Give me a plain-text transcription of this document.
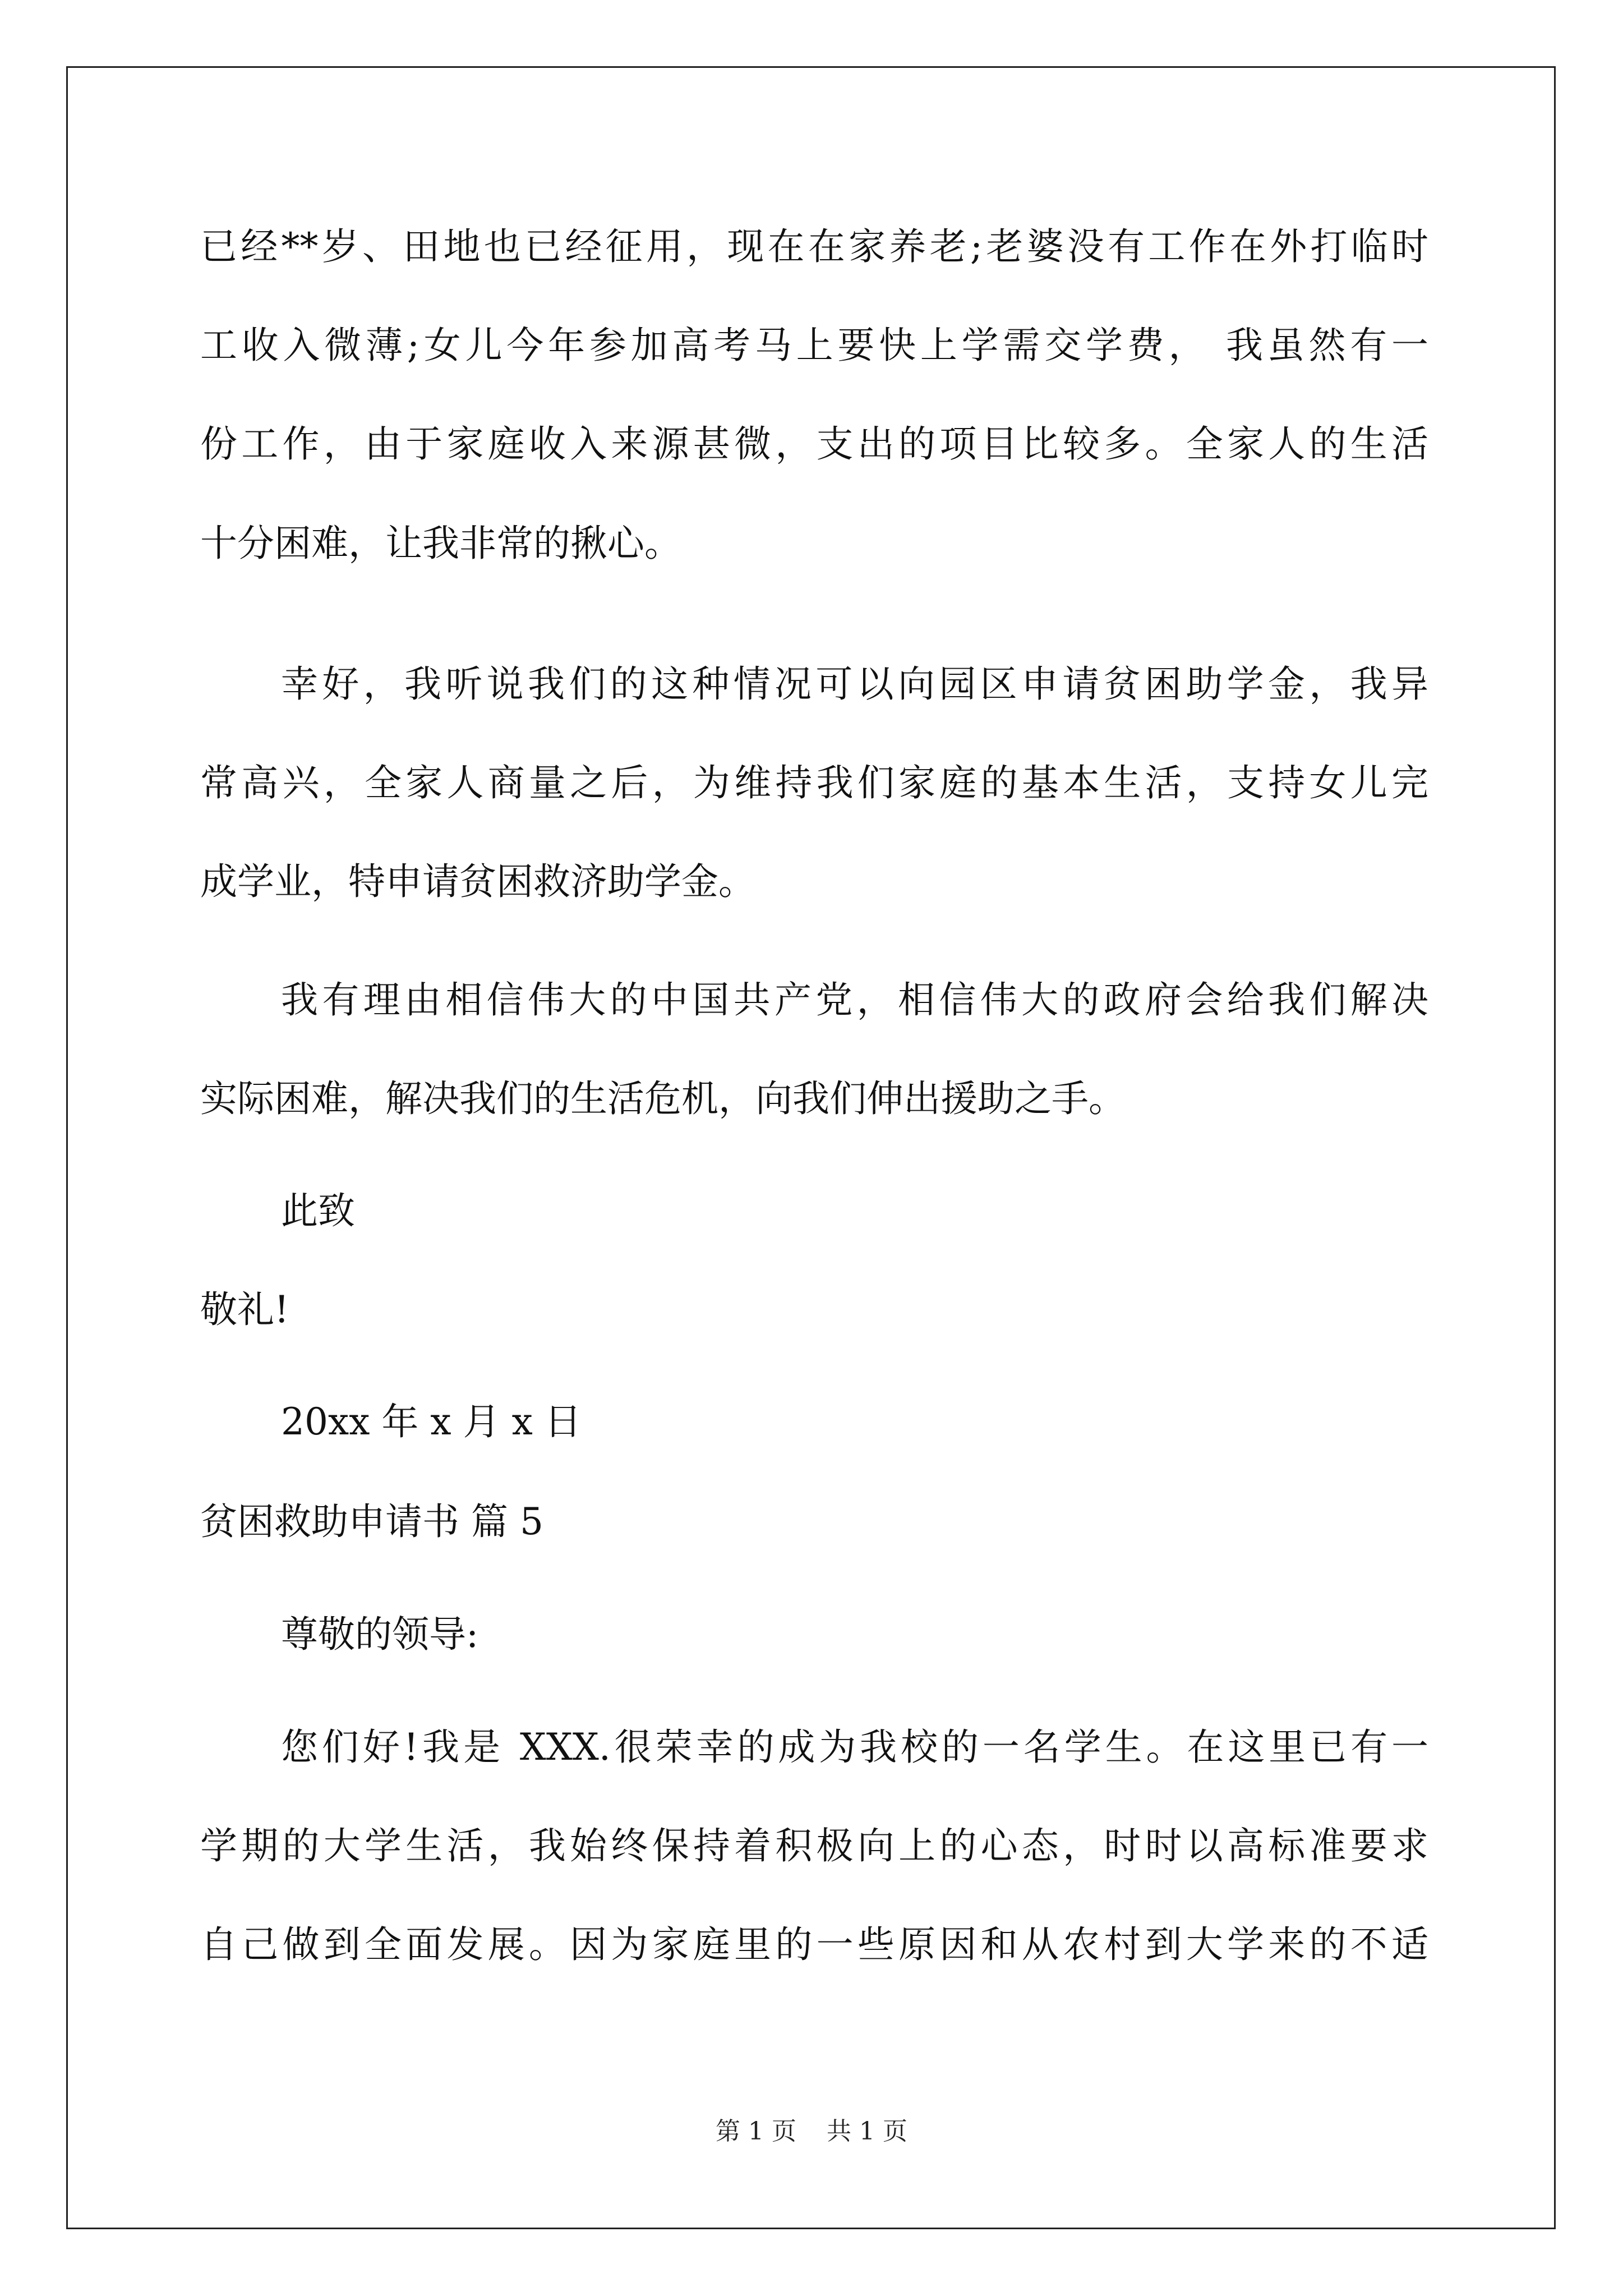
已经**岁、田地也已经征用，现在在家养老;老婆没有工作在外打临时
工收入微薄;女儿今年参加高考马上要快上学需交学费， 我虽然有一
份工作，由于家庭收入来源甚微，支出的项目比较多。全家人的生活
十分困难，让我非常的揪心。
幸好，我听说我们的这种情况可以向园区申请贫困助学金，我异
常高兴，全家人商量之后，为维持我们家庭的基本生活，支持女儿完
成学业，特申请贫困救济助学金。
我有理由相信伟大的中国共产党，相信伟大的政府会给我们解决
实际困难，解决我们的生活危机，向我们伸出援助之手。
此致
敬礼!
20xx 年 x 月 x 日
贫困救助申请书 篇 5
尊敬的领导:
您们好!我是 XXX.很荣幸的成为我校的一名学生。在这里已有一
学期的大学生活，我始终保持着积极向上的心态，时时以高标准要求
自己做到全面发展。因为家庭里的一些原因和从农村到大学来的不适
第 1 页 共 1 页
